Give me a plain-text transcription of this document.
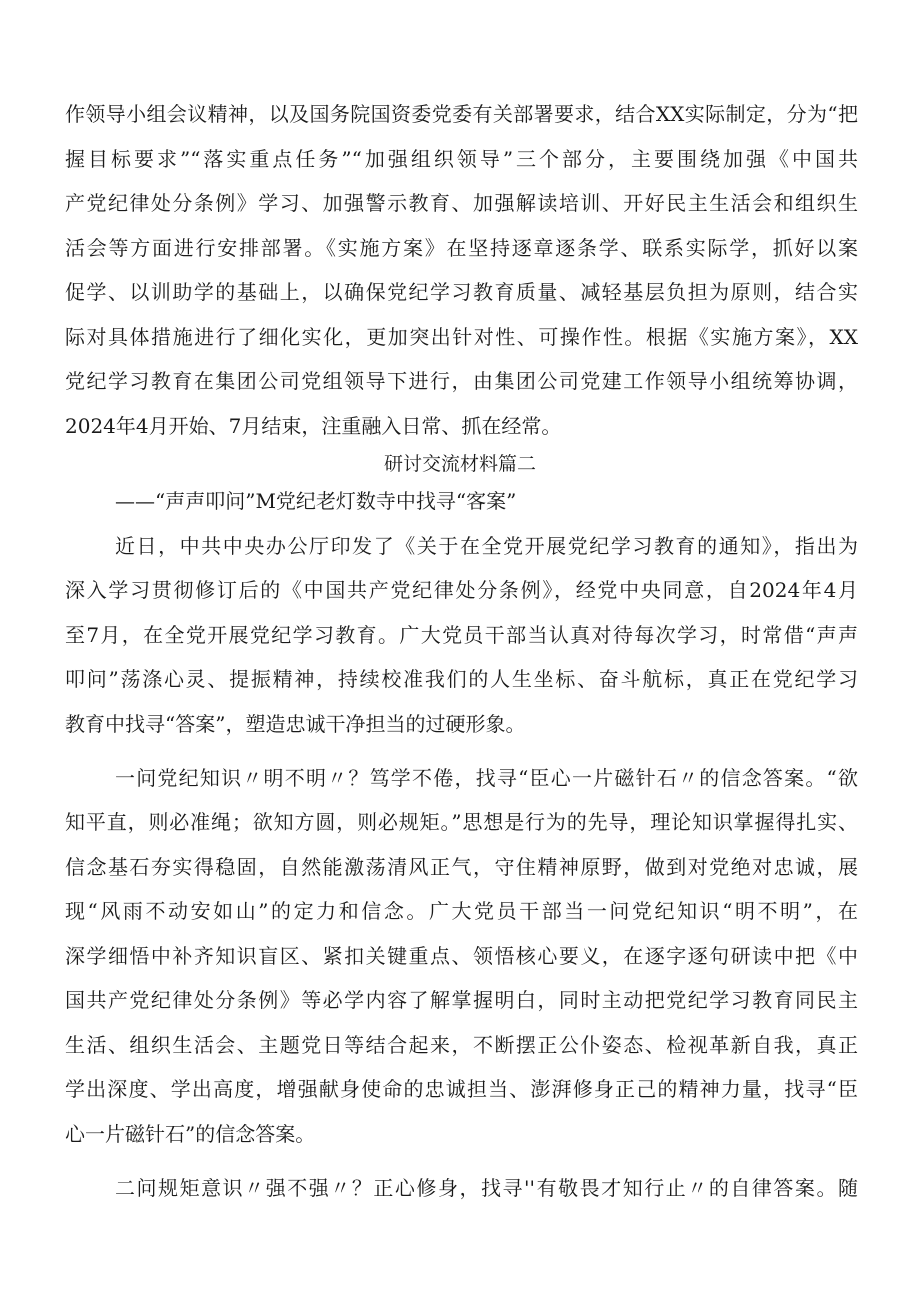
作领导小组会议精神，以及国务院国资委党委有关部署要求，结合XX实际制定，分为“把
握目标要求”“落实重点任务”“加强组织领导”三个部分，主要围绕加强《中国共
产党纪律处分条例》学习、加强警示教育、加强解读培训、开好民主生活会和组织生
活会等方面进行安排部署。《实施方案》在坚持逐章逐条学、联系实际学，抓好以案
促学、以训助学的基础上，以确保党纪学习教育质量、减轻基层负担为原则，结合实
际对具体措施进行了细化实化，更加突出针对性、可操作性。根据《实施方案》，XX
党纪学习教育在集团公司党组领导下进行，由集团公司党建工作领导小组统筹协调，
2024年4月开始、7月结束，注重融入日常、抓在经常。
研讨交流材料篇二
——“声声叩问”M党纪老灯数寺中找寻“客案”
近日，中共中央办公厅印发了《关于在全党开展党纪学习教育的通知》，指出为
深入学习贯彻修订后的《中国共产党纪律处分条例》，经党中央同意，自2024年4月
至7月，在全党开展党纪学习教育。广大党员干部当认真对待每次学习，时常借“声声
叩问”荡涤心灵、提振精神，持续校准我们的人生坐标、奋斗航标，真正在党纪学习
教育中找寻“答案”，塑造忠诚干净担当的过硬形象。
一问党纪知识〃明不明〃？笃学不倦，找寻“臣心一片磁针石〃的信念答案。“欲
知平直，则必准绳；欲知方圆，则必规矩。”思想是行为的先导，理论知识掌握得扎实、
信念基石夯实得稳固，自然能激荡清风正气，守住精神原野，做到对党绝对忠诚，展
现“风雨不动安如山”的定力和信念。广大党员干部当一问党纪知识“明不明”，在
深学细悟中补齐知识盲区、紧扣关键重点、领悟核心要义，在逐字逐句研读中把《中
国共产党纪律处分条例》等必学内容了解掌握明白，同时主动把党纪学习教育同民主
生活、组织生活会、主题党日等结合起来，不断摆正公仆姿态、检视革新自我，真正
学出深度、学出高度，增强献身使命的忠诚担当、澎湃修身正己的精神力量，找寻“臣
心一片磁针石”的信念答案。
二问规矩意识〃强不强〃？正心修身，找寻''有敬畏才知行止〃的自律答案。随
